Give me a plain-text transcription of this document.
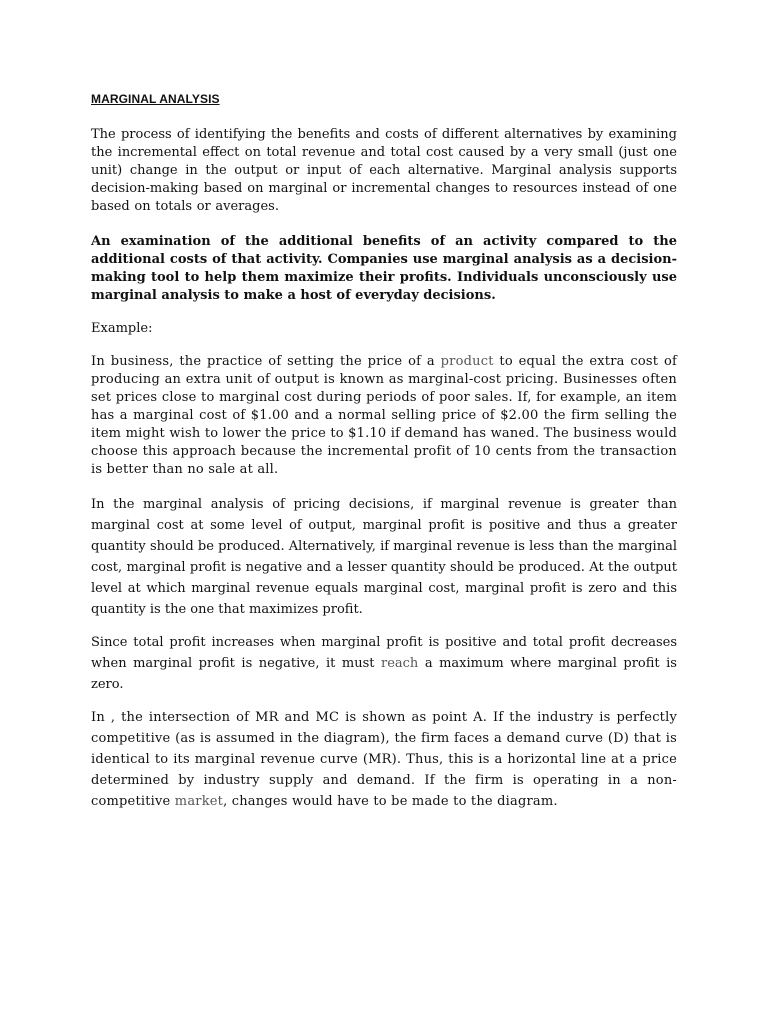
MARGINAL ANALYSIS

The process of identifying the benefits and costs of different alternatives by examining the incremental effect on total revenue and total cost caused by a very small (just one unit) change in the output or input of each alternative. Marginal analysis supports decision-making based on marginal or incremental changes to resources instead of one based on totals or averages.

An examination of the additional benefits of an activity compared to the additional costs of that activity. Companies use marginal analysis as a decision-making tool to help them maximize their profits. Individuals unconsciously use marginal analysis to make a host of everyday decisions.

Example:

In business, the practice of setting the price of a product to equal the extra cost of producing an extra unit of output is known as marginal-cost pricing. Businesses often set prices close to marginal cost during periods of poor sales. If, for example, an item has a marginal cost of $1.00 and a normal selling price of $2.00 the firm selling the item might wish to lower the price to $1.10 if demand has waned. The business would choose this approach because the incremental profit of 10 cents from the transaction is better than no sale at all.

In the marginal analysis of pricing decisions, if marginal revenue is greater than marginal cost at some level of output, marginal profit is positive and thus a greater quantity should be produced. Alternatively, if marginal revenue is less than the marginal cost, marginal profit is negative and a lesser quantity should be produced. At the output level at which marginal revenue equals marginal cost, marginal profit is zero and this quantity is the one that maximizes profit.

Since total profit increases when marginal profit is positive and total profit decreases when marginal profit is negative, it must reach a maximum where marginal profit is zero.

In , the intersection of MR and MC is shown as point A. If the industry is perfectly competitive (as is assumed in the diagram), the firm faces a demand curve (D) that is identical to its marginal revenue curve (MR). Thus, this is a horizontal line at a price determined by industry supply and demand. If the firm is operating in a non-competitive market, changes would have to be made to the diagram.
